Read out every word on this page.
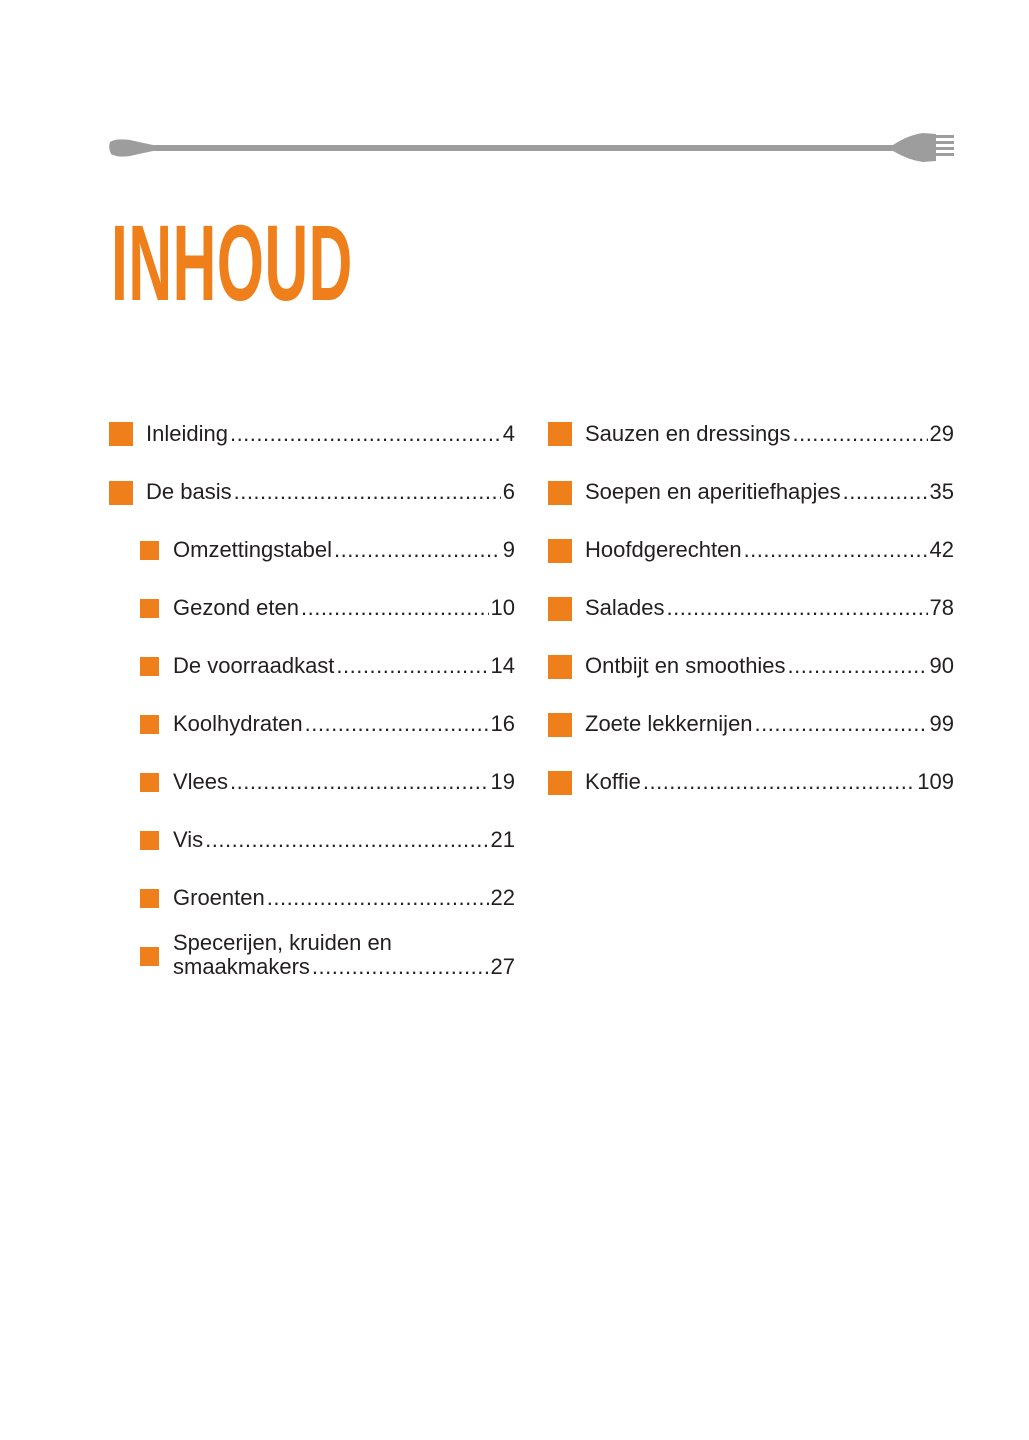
INHOUD
Inleiding .....	4
De basis .....	6
Omzettingstabel .....	9
Gezond eten .....	10
De voorraadkast .....	14
Koolhydraten .....	16
Vlees .....	19
Vis .....	21
Groenten .....	22
Specerijen, kruiden en
smaakmakers .....	27
Sauzen en dressings .....	29
Soepen en aperitiefhapjes .....	35
Hoofdgerechten .....	42
Salades .....	78
Ontbijt en smoothies .....	90
Zoete lekkernijen .....	99
Koffie .....	109
